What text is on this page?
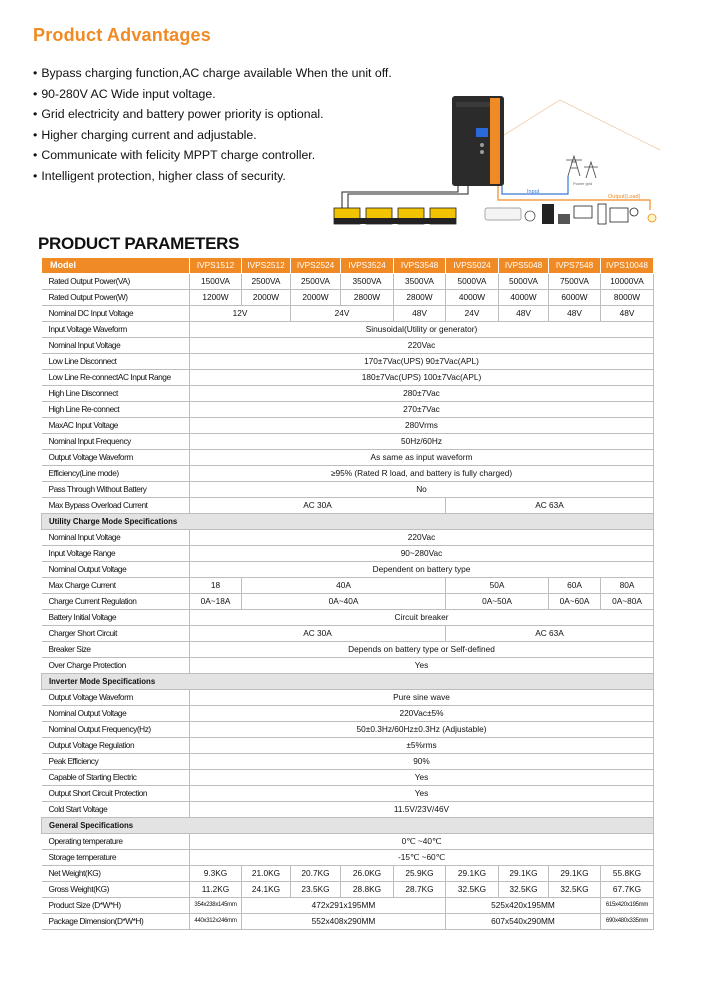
Product Advantages
• Bypass charging function,AC charge available When the unit off.
• 90-280V AC Wide input voltage.
• Grid electricity and battery power priority is optional.
• Higher charging current and adjustable.
• Communicate with felicity MPPT charge controller.
• Intelligent protection, higher class of security.
Input
Output(Load)
Power grid
PRODUCT PARAMETERS
Model	IVPS1512	IVPS2512	IVPS2524	IVPS3524	IVPS3548	IVPS5024	IVPS5048	IVPS7548	IVPS10048
Rated Output Power(VA)	1500VA	2500VA	2500VA	3500VA	3500VA	5000VA	5000VA	7500VA	10000VA
Rated Output Power(W)	1200W	2000W	2000W	2800W	2800W	4000W	4000W	6000W	8000W
Nominal DC Input Voltage	12V		24V		48V	24V	48V	48V	48V
Input Voltage Waveform	Sinusoidal(Utility or generator)								
Nominal Input Voltage	220Vac								
Low Line Disconnect	170±7Vac(UPS) 90±7Vac(APL)								
Low Line Re-connectAC Input Range	180±7Vac(UPS) 100±7Vac(APL)								
High Line Disconnect	280±7Vac								
High Line Re-connect	270±7Vac								
MaxAC Input Voltage	280Vrms								
Nominal Input Frequency	50Hz/60Hz								
Output Voltage Waveform	As same as input waveform								
Efficiency(Line mode)	≥95% (Rated R load, and battery is fully charged)								
Pass Through Without Battery	No								
Max Bypass Overload Current	AC 30A					AC 63A			
Utility Charge Mode Specifications									
Nominal Input Voltage	220Vac								
Input Voltage Range	90~280Vac								
Nominal Output Voltage	Dependent on battery type								
Max Charge Current	18	40A				50A		60A	80A
Charge Current Regulation	0A~18A	0A~40A				0A~50A		0A~60A	0A~80A
Battery Initial Voltage	Circuit breaker								
Charger Short Circuit	AC 30A					AC 63A			
Breaker Size	Depends on battery type or Self-defined								
Over Charge Protection	Yes								
Inverter Mode Specifications									
Output Voltage Waveform	Pure sine wave								
Nominal Output Voltage	220Vac±5%								
Nominal Output Frequency(Hz)	50±0.3Hz/60Hz±0.3Hz (Adjustable)								
Output Voltage Regulation	±5%rms								
Peak Efficiency	90%								
Capable of Starting Electric	Yes								
Output Short Circuit Protection	Yes								
Cold Start Voltage	11.5V/23V/46V								
General Specifications									
Operating temperature	0℃ ~40℃								
Storage temperature	-15℃ ~60℃								
Net Weight(KG)	9.3KG	21.0KG	20.7KG	26.0KG	25.9KG	29.1KG	29.1KG	29.1KG	55.8KG
Gross Weight(KG)	11.2KG	24.1KG	23.5KG	28.8KG	28.7KG	32.5KG	32.5KG	32.5KG	67.7KG
Product Size (D*W*H)	354x238x145mm	472x291x195MM				525x420x195MM			615x420x195mm
Package Dimension(D*W*H)	440x312x246mm	552x408x290MM				607x540x290MM			690x480x335mm
